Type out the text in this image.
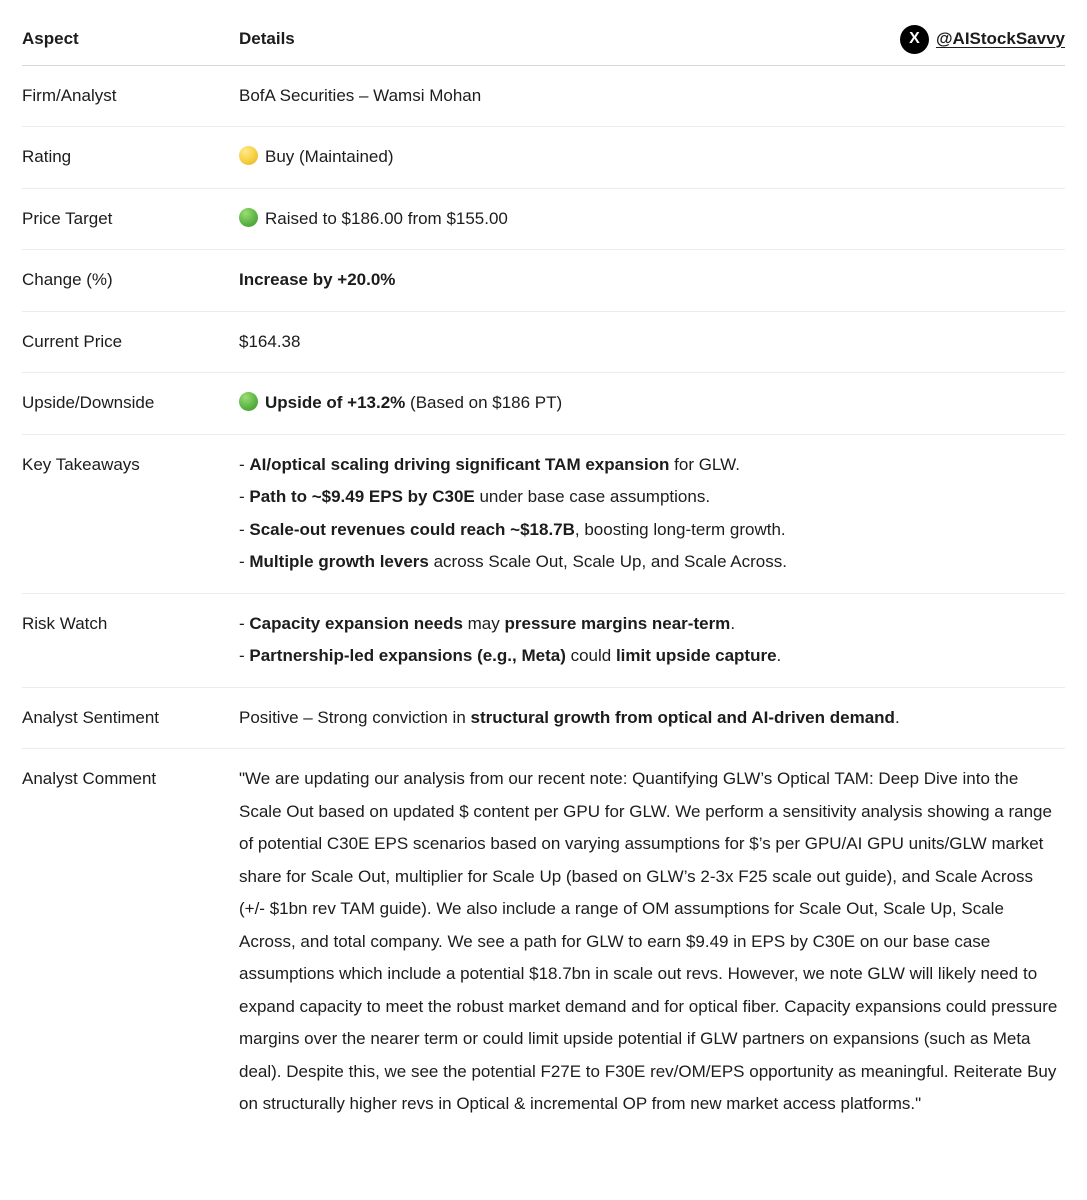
Aspect	Details	X @AIStockSavvy
Firm/Analyst	BofA Securities – Wamsi Mohan
Rating	Buy (Maintained)
Price Target	Raised to $186.00 from $155.00
Change (%)	Increase by +20.0%
Current Price	$164.38
Upside/Downside	Upside of +13.2% (Based on $186 PT)
Key Takeaways	- AI/optical scaling driving significant TAM expansion for GLW.
- Path to ~$9.49 EPS by C30E under base case assumptions.
- Scale-out revenues could reach ~$18.7B, boosting long-term growth.
- Multiple growth levers across Scale Out, Scale Up, and Scale Across.
Risk Watch	- Capacity expansion needs may pressure margins near-term.
- Partnership-led expansions (e.g., Meta) could limit upside capture.
Analyst Sentiment	Positive – Strong conviction in structural growth from optical and AI-driven demand.
Analyst Comment	"We are updating our analysis from our recent note: Quantifying GLW’s Optical TAM: Deep Dive into the Scale Out based on updated $ content per GPU for GLW. We perform a sensitivity analysis showing a range of potential C30E EPS scenarios based on varying assumptions for $’s per GPU/AI GPU units/GLW market share for Scale Out, multiplier for Scale Up (based on GLW’s 2-3x F25 scale out guide), and Scale Across (+/- $1bn rev TAM guide). We also include a range of OM assumptions for Scale Out, Scale Up, Scale Across, and total company. We see a path for GLW to earn $9.49 in EPS by C30E on our base case assumptions which include a potential $18.7bn in scale out revs. However, we note GLW will likely need to expand capacity to meet the robust market demand and for optical fiber. Capacity expansions could pressure margins over the nearer term or could limit upside potential if GLW partners on expansions (such as Meta deal). Despite this, we see the potential F27E to F30E rev/OM/EPS opportunity as meaningful. Reiterate Buy on structurally higher revs in Optical & incremental OP from new market access platforms."
